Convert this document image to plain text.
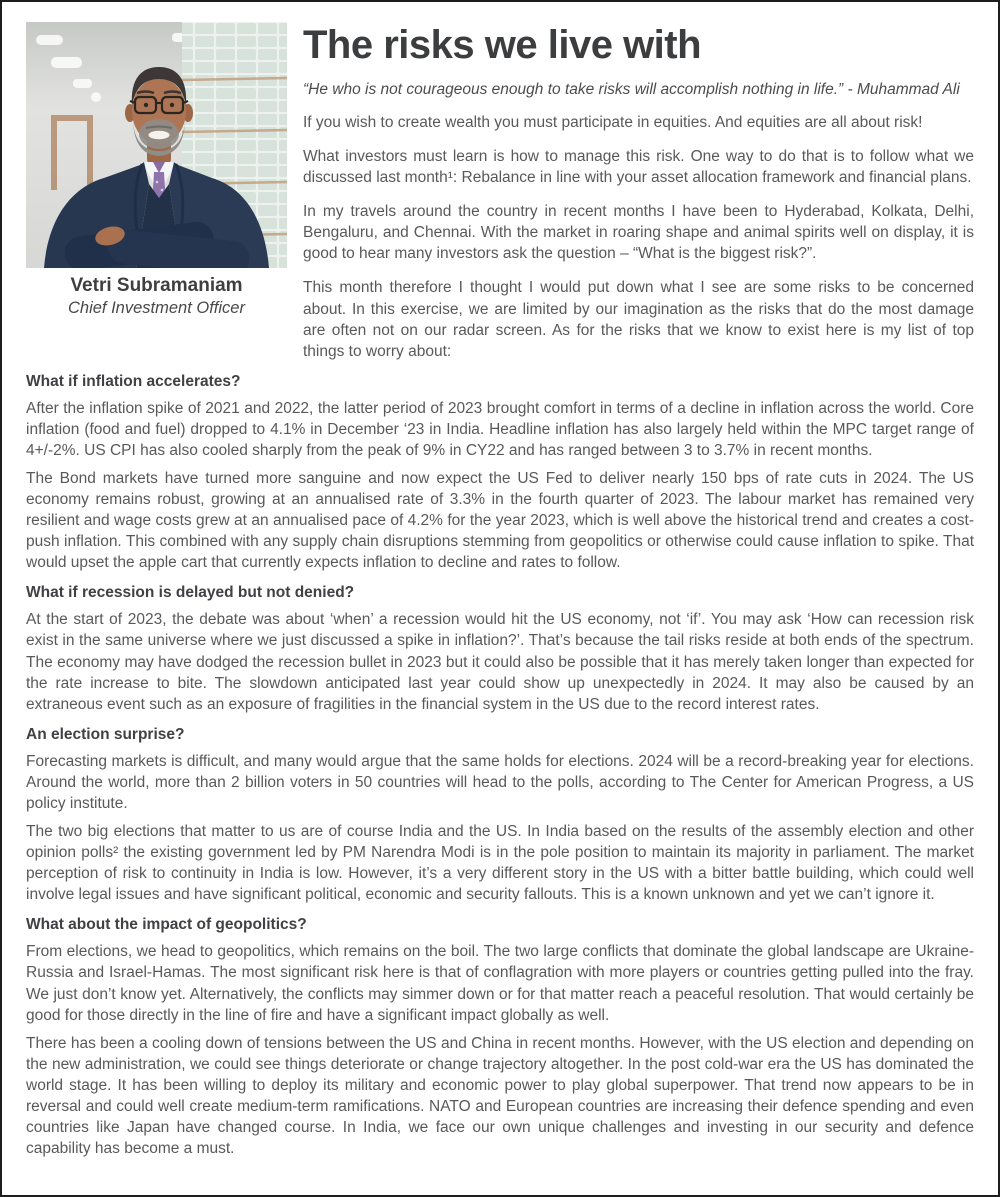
Vetri Subramaniam
Chief Investment Officer
The risks we live with

“He who is not courageous enough to take risks will accomplish nothing in life.” - Muhammad Ali

If you wish to create wealth you must participate in equities. And equities are all about risk!

What investors must learn is how to manage this risk. One way to do that is to follow what we discussed last month¹: Rebalance in line with your asset allocation framework and financial plans.

In my travels around the country in recent months I have been to Hyderabad, Kolkata, Delhi, Bengaluru, and Chennai. With the market in roaring shape and animal spirits well on display, it is good to hear many investors ask the question – “What is the biggest risk?”.

This month therefore I thought I would put down what I see are some risks to be concerned about. In this exercise, we are limited by our imagination as the risks that do the most damage are often not on our radar screen. As for the risks that we know to exist here is my list of top things to worry about:

What if inflation accelerates?

After the inflation spike of 2021 and 2022, the latter period of 2023 brought comfort in terms of a decline in inflation across the world. Core inflation (food and fuel) dropped to 4.1% in December ‘23 in India. Headline inflation has also largely held within the MPC target range of 4+/-2%. US CPI has also cooled sharply from the peak of 9% in CY22 and has ranged between 3 to 3.7% in recent months.

The Bond markets have turned more sanguine and now expect the US Fed to deliver nearly 150 bps of rate cuts in 2024. The US economy remains robust, growing at an annualised rate of 3.3% in the fourth quarter of 2023. The labour market has remained very resilient and wage costs grew at an annualised pace of 4.2% for the year 2023, which is well above the historical trend and creates a cost-push inflation. This combined with any supply chain disruptions stemming from geopolitics or otherwise could cause inflation to spike. That would upset the apple cart that currently expects inflation to decline and rates to follow.

What if recession is delayed but not denied?

At the start of 2023, the debate was about ‘when’ a recession would hit the US economy, not ‘if’. You may ask ‘How can recession risk exist in the same universe where we just discussed a spike in inflation?’. That’s because the tail risks reside at both ends of the spectrum. The economy may have dodged the recession bullet in 2023 but it could also be possible that it has merely taken longer than expected for the rate increase to bite. The slowdown anticipated last year could show up unexpectedly in 2024. It may also be caused by an extraneous event such as an exposure of fragilities in the financial system in the US due to the record interest rates.

An election surprise?

Forecasting markets is difficult, and many would argue that the same holds for elections. 2024 will be a record-breaking year for elections. Around the world, more than 2 billion voters in 50 countries will head to the polls, according to The Center for American Progress, a US policy institute.

The two big elections that matter to us are of course India and the US. In India based on the results of the assembly election and other opinion polls² the existing government led by PM Narendra Modi is in the pole position to maintain its majority in parliament. The market perception of risk to continuity in India is low. However, it’s a very different story in the US with a bitter battle building, which could well involve legal issues and have significant political, economic and security fallouts. This is a known unknown and yet we can’t ignore it.

What about the impact of geopolitics?

From elections, we head to geopolitics, which remains on the boil. The two large conflicts that dominate the global landscape are Ukraine-Russia and Israel-Hamas. The most significant risk here is that of conflagration with more players or countries getting pulled into the fray. We just don’t know yet. Alternatively, the conflicts may simmer down or for that matter reach a peaceful resolution. That would certainly be good for those directly in the line of fire and have a significant impact globally as well.

There has been a cooling down of tensions between the US and China in recent months. However, with the US election and depending on the new administration, we could see things deteriorate or change trajectory altogether. In the post cold-war era the US has dominated the world stage. It has been willing to deploy its military and economic power to play global superpower. That trend now appears to be in reversal and could well create medium-term ramifications. NATO and European countries are increasing their defence spending and even countries like Japan have changed course. In India, we face our own unique challenges and investing in our security and defence capability has become a must.
